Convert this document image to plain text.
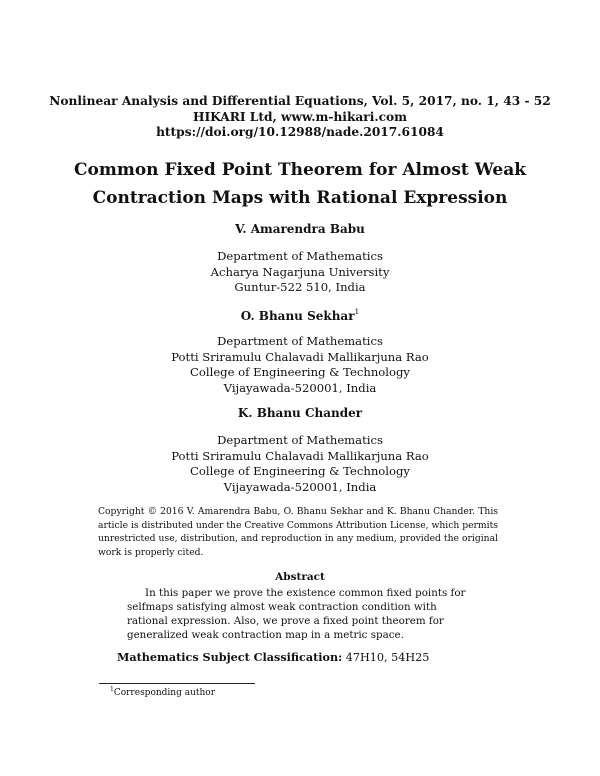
Nonlinear Analysis and Differential Equations, Vol. 5, 2017, no. 1, 43 - 52
HIKARI Ltd, www.m-hikari.com
https://doi.org/10.12988/nade.2017.61084
Common Fixed Point Theorem for Almost Weak
Contraction Maps with Rational Expression
V. Amarendra Babu
Department of Mathematics
Acharya Nagarjuna University
Guntur-522 510, India
O. Bhanu Sekhar$^1$
Department of Mathematics
Potti Sriramulu Chalavadi Mallikarjuna Rao
College of Engineering & Technology
Vijayawada-520001, India
K. Bhanu Chander
Department of Mathematics
Potti Sriramulu Chalavadi Mallikarjuna Rao
College of Engineering & Technology
Vijayawada-520001, India
Copyright © 2016 V. Amarendra Babu, O. Bhanu Sekhar and K. Bhanu Chander. This article is distributed under the Creative Commons Attribution License, which permits unrestricted use, distribution, and reproduction in any medium, provided the original work is properly cited.
Abstract
In this paper we prove the existence common fixed points for selfmaps satisfying almost weak contraction condition with rational expression. Also, we prove a fixed point theorem for generalized weak contraction map in a metric space.
Mathematics Subject Classification: 47H10, 54H25
$^1$Corresponding author
